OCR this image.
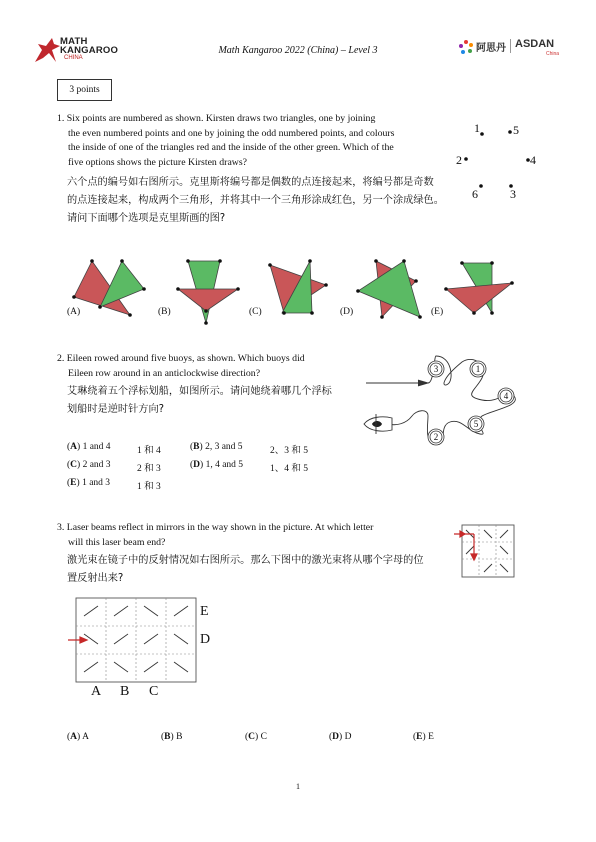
MATH
KANGAROO
CHINA
Math Kangaroo 2022 (China) – Level 3	阿思丹 ASDAN
China
3 points
1. Six points are numbered as shown. Kirsten draws two triangles, one by joining
the even numbered points and one by joining the odd numbered points, and colours
the inside of one of the triangles red and the inside of the other green. Which of the
five options shows the picture Kirsten draws?
六个点的编号如右图所示。克里斯将编号都是偶数的点连接起来，将编号都是奇数
的点连接起来，构成两个三角形，并将其中一个三角形涂成红色，另一个涂成绿色。
请问下面哪个选项是克里斯画的图?
1	5
2	4
6	3
(A)	(B)	(C)	(D)	(E)
2. Eileen rowed around five buoys, as shown. Which buoys did
Eileen row around in an anticlockwise direction?
艾琳绕着五个浮标划船，如图所示。请问她绕着哪几个浮标
划船时是逆时针方向?
3	1
4
5
2
(A) 1 and 4	1 和 4	(B) 2, 3 and 5	2、3 和 5
(C) 2 and 3	2 和 3	(D) 1, 4 and 5	1、4 和 5
(E) 1 and 3	1 和 3
3. Laser beams reflect in mirrors in the way shown in the picture. At which letter
will this laser beam end?
激光束在镜子中的反射情况如右图所示。那么下图中的激光束将从哪个字母的位
置反射出来?
E
D
A B C
(A) A	(B) B	(C) C	(D) D	(E) E
1
